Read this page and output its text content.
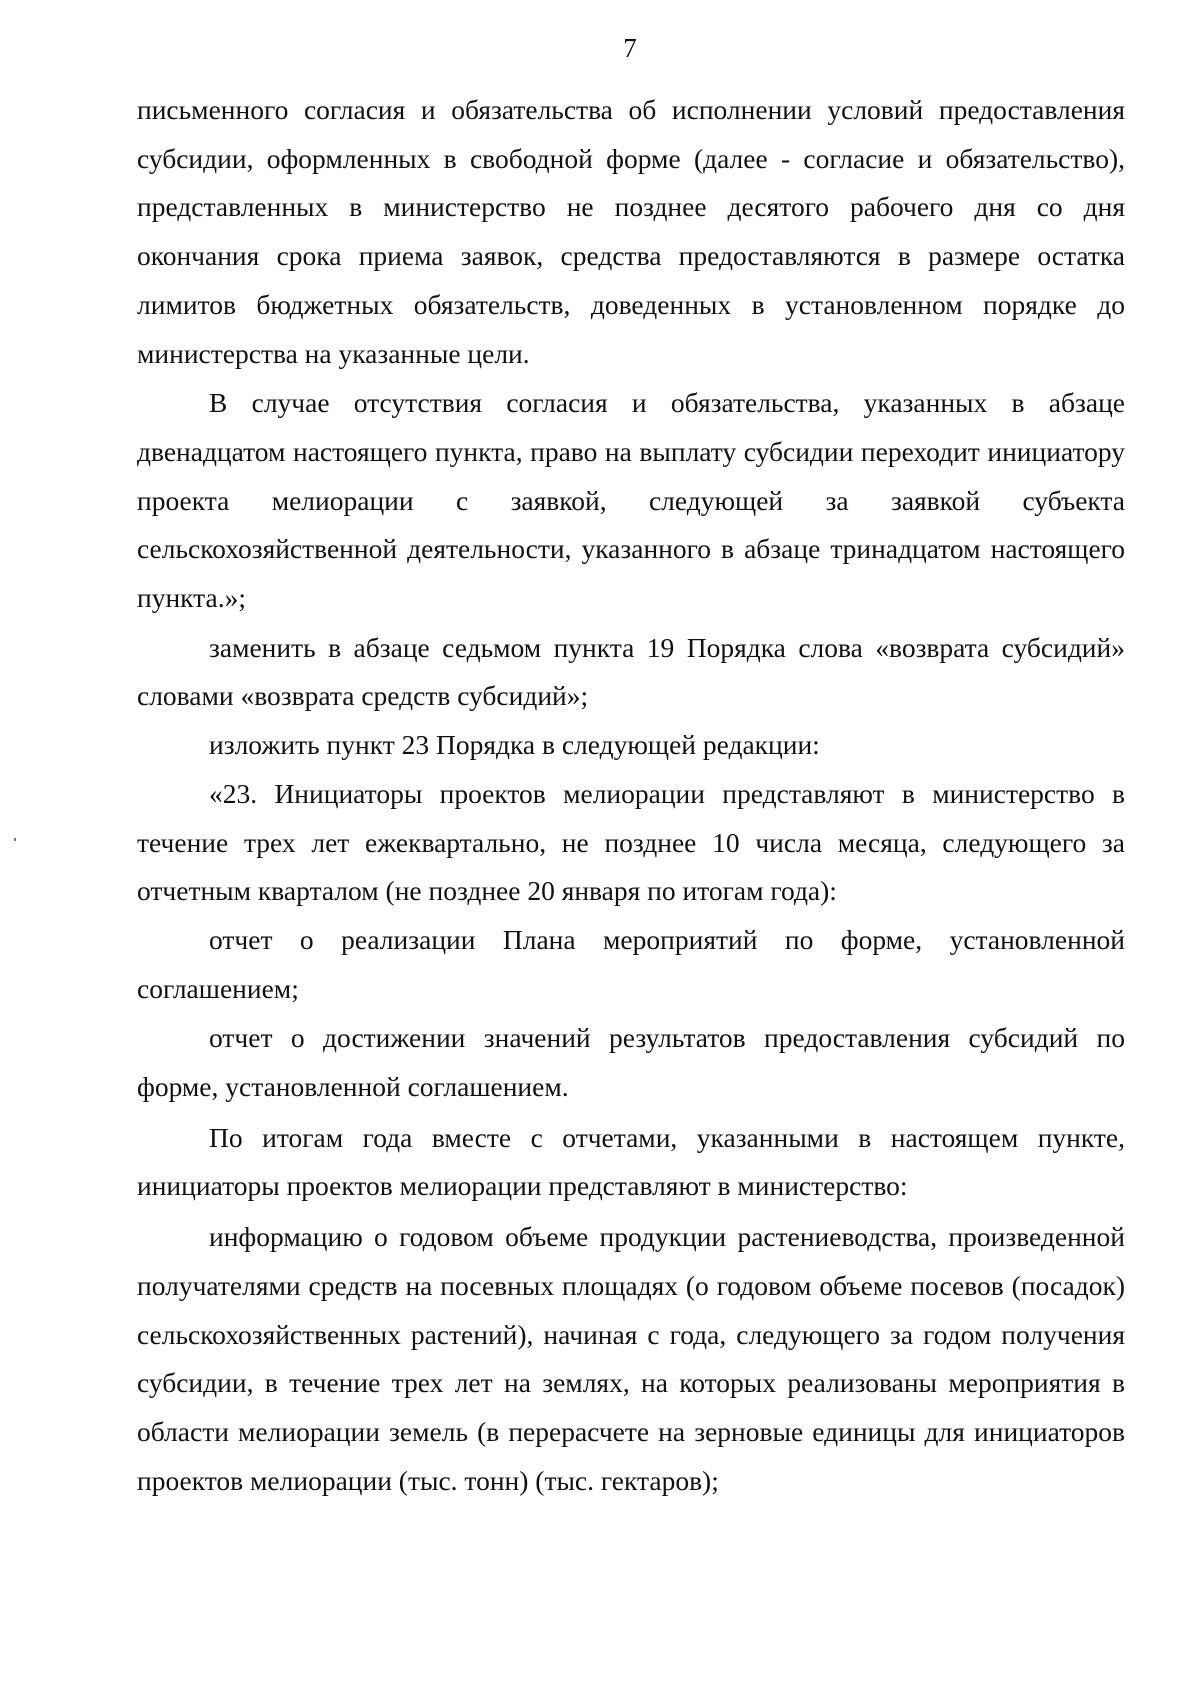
7

письменного согласия и обязательства об исполнении условий предоставления субсидии, оформленных в свободной форме (далее - согласие и обязательство), представленных в министерство не позднее десятого рабочего дня со дня окончания срока приема заявок, средства предоставляются в размере остатка лимитов бюджетных обязательств, доведенных в установленном порядке до министерства на указанные цели.

В случае отсутствия согласия и обязательства, указанных в абзаце двенадцатом настоящего пункта, право на выплату субсидии переходит инициатору проекта мелиорации с заявкой, следующей за заявкой субъекта сельскохозяйственной деятельности, указанного в абзаце тринадцатом настоящего пункта.»;

заменить в абзаце седьмом пункта 19 Порядка слова «возврата субсидий» словами «возврата средств субсидий»;

изложить пункт 23 Порядка в следующей редакции:

«23. Инициаторы проектов мелиорации представляют в министерство в течение трех лет ежеквартально, не позднее 10 числа месяца, следующего за отчетным кварталом (не позднее 20 января по итогам года):

отчет о реализации Плана мероприятий по форме, установленной соглашением;

отчет о достижении значений результатов предоставления субсидий по форме, установленной соглашением.

По итогам года вместе с отчетами, указанными в настоящем пункте, инициаторы проектов мелиорации представляют в министерство:

информацию о годовом объеме продукции растениеводства, произведенной получателями средств на посевных площадях (о годовом объеме посевов (посадок) сельскохозяйственных растений), начиная с года, следующего за годом получения субсидии, в течение трех лет на землях, на которых реализованы мероприятия в области мелиорации земель (в перерасчете на зерновые единицы для инициаторов проектов мелиорации (тыс. тонн) (тыс. гектаров);
